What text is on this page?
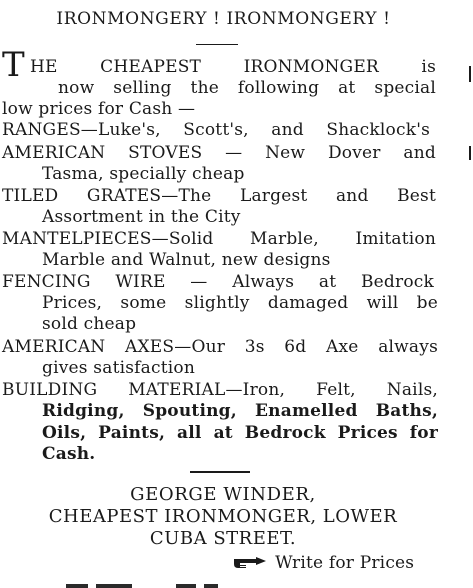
IRONMONGERY ! IRONMONGERY !
T HE CHEAPEST IRONMONGER is
now selling the following at special
low prices for Cash —
RANGES—Luke's, Scott's, and Shacklock's
AMERICAN STOVES — New Dover and
Tasma, specially cheap
TILED GRATES—The Largest and Best
Assortment in the City
MANTELPIECES—Solid Marble, Imitation
Marble and Walnut, new designs
FENCING WIRE — Always at Bedrock
Prices, some slightly damaged will be
sold cheap
AMERICAN AXES—Our 3s 6d Axe always
gives satisfaction
BUILDING MATERIAL—Iron, Felt, Nails,
Ridging, Spouting, Enamelled Baths,
Oils, Paints, all at Bedrock Prices for
Cash.
GEORGE WINDER,
CHEAPEST IRONMONGER, LOWER
CUBA STREET.
Write for Prices
